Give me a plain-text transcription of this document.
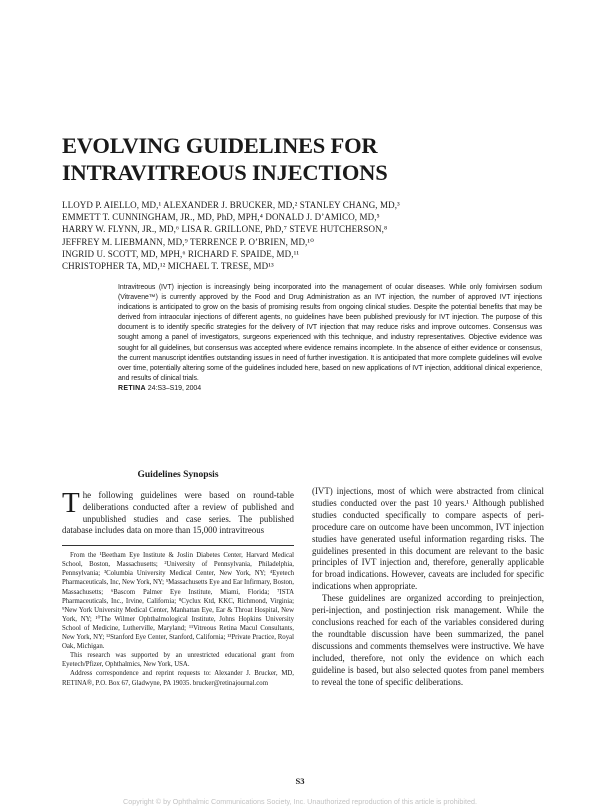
EVOLVING GUIDELINES FOR
INTRAVITREOUS INJECTIONS
LLOYD P. AIELLO, MD,¹ ALEXANDER J. BRUCKER, MD,² STANLEY CHANG, MD,³
EMMETT T. CUNNINGHAM, JR., MD, PhD, MPH,⁴ DONALD J. D’AMICO, MD,⁵
HARRY W. FLYNN, JR., MD,⁶ LISA R. GRILLONE, PhD,⁷ STEVE HUTCHERSON,⁸
JEFFREY M. LIEBMANN, MD,⁹ TERRENCE P. O’BRIEN, MD,¹⁰
INGRID U. SCOTT, MD, MPH,⁶ RICHARD F. SPAIDE, MD,¹¹
CHRISTOPHER TA, MD,¹² MICHAEL T. TRESE, MD¹³
Intravitreous (IVT) injection is increasingly being incorporated into the management of ocular diseases. While only fomivirsen sodium (Vitravene™) is currently approved by the Food and Drug Administration as an IVT injection, the number of approved IVT injections indications is anticipated to grow on the basis of promising results from ongoing clinical studies. Despite the potential benefits that may be derived from intraocular injections of different agents, no guidelines have been published previously for IVT injection. The purpose of this document is to identify specific strategies for the delivery of IVT injection that may reduce risks and improve outcomes. Consensus was sought among a panel of investigators, surgeons experienced with this technique, and industry representatives. Objective evidence was sought for all guidelines, but consensus was accepted where evidence remains incomplete. In the absence of either evidence or consensus, the current manuscript identifies outstanding issues in need of further investigation. It is anticipated that more complete guidelines will evolve over time, potentially altering some of the guidelines included here, based on new applications of IVT injection, additional clinical experience, and results of clinical trials.
RETINA 24:S3–S19, 2004
Guidelines Synopsis

T he following guidelines were based on round-table deliberations conducted after a review of published and unpublished studies and case series. The published database includes data on more than 15,000 intravitreous

From the ¹Beetham Eye Institute & Joslin Diabetes Center, Harvard Medical School, Boston, Massachusetts; ²University of Pennsylvania, Philadelphia, Pennsylvania; ³Columbia University Medical Center, New York, NY; ⁴Eyetech Pharmaceuticals, Inc, New York, NY; ⁵Massachusetts Eye and Ear Infirmary, Boston, Massachusetts; ⁶Bascom Palmer Eye Institute, Miami, Florida; ⁷ISTA Pharmaceuticals, Inc., Irvine, California; ⁸Cyclux Ktd, KKC, Richmond, Virginia; ⁹New York University Medical Center, Manhattan Eye, Ear & Throat Hospital, New York, NY; ¹⁰The Wilmer Ophthalmological Institute, Johns Hopkins University School of Medicine, Lutherville, Maryland; ¹¹Vitreous Retina Macul Consultants, New York, NY; ¹²Stanford Eye Center, Stanford, California; ¹³Private Practice, Royal Oak, Michigan.

This research was supported by an unrestricted educational grant from Eyetech/Pfizer, Ophthalmics, New York, USA.

Address correspondence and reprint requests to: Alexander J. Brucker, MD, RETINA®, P.O. Box 67, Gladwyne, PA 19035. brucker@retinajournal.com

(IVT) injections, most of which were abstracted from clinical studies conducted over the past 10 years.¹ Although published studies conducted specifically to compare aspects of peri-procedure care on outcome have been uncommon, IVT injection studies have generated useful information regarding risks. The guidelines presented in this document are relevant to the basic principles of IVT injection and, therefore, generally applicable for broad indications. However, caveats are included for specific indications when appropriate.

These guidelines are organized according to preinjection, peri-injection, and postinjection risk management. While the conclusions reached for each of the variables considered during the roundtable discussion have been summarized, the panel discussions and comments themselves were instructive. We have included, therefore, not only the evidence on which each guideline is based, but also selected quotes from panel members to reveal the tone of specific deliberations.

S3
Copyright © by Ophthalmic Communications Society, Inc. Unauthorized reproduction of this article is prohibited.
